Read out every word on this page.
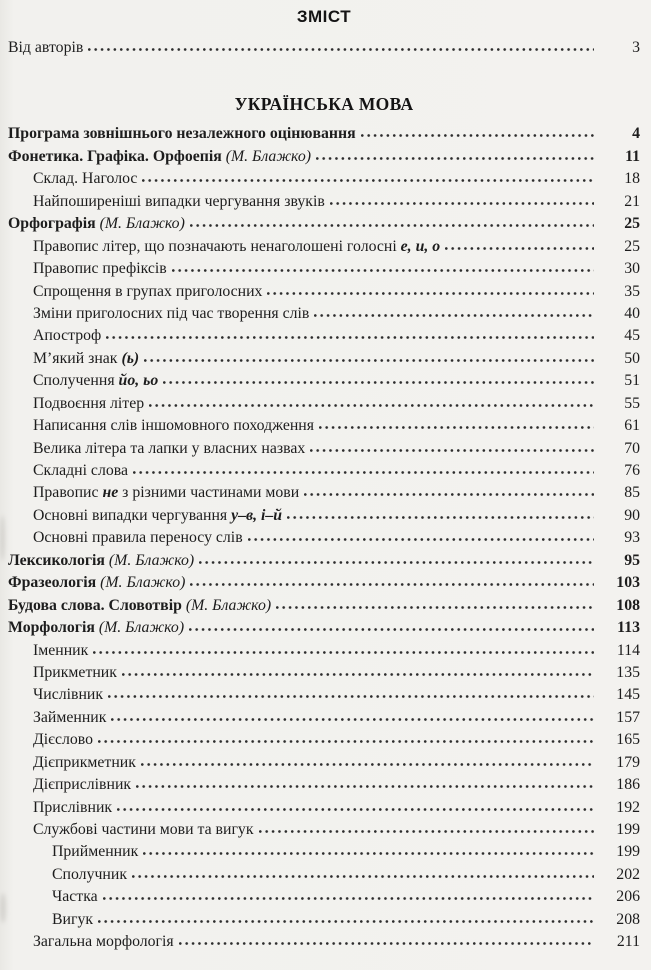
ЗМІСТ
Від авторів	3
УКРАЇНСЬКА МОВА
Програма зовнішнього незалежного оцінювання	4
Фонетика. Графіка. Орфоепія (М. Блажко)	11
Склад. Наголос	18
Найпоширеніші випадки чергування звуків	21
Орфографія (М. Блажко)	25
Правопис літер, що позначають ненаголошені голосні е, и, о	25
Правопис префіксів	30
Спрощення в групах приголосних	35
Зміни приголосних під час творення слів	40
Апостроф	45
М’який знак (ь)	50
Сполучення йо, ьо	51
Подвоєння літер	55
Написання слів іншомовного походження	61
Велика літера та лапки у власних назвах	70
Складні слова	76
Правопис не з різними частинами мови	85
Основні випадки чергування у–в, і–й	90
Основні правила переносу слів	93
Лексикологія (М. Блажко)	95
Фразеологія (М. Блажко)	103
Будова слова. Словотвір (М. Блажко)	108
Морфологія (М. Блажко)	113
Іменник	114
Прикметник	135
Числівник	145
Займенник	157
Дієслово	165
Дієприкметник	179
Дієприслівник	186
Прислівник	192
Службові частини мови та вигук	199
Прийменник	199
Сполучник	202
Частка	206
Вигук	208
Загальна морфологія	211
